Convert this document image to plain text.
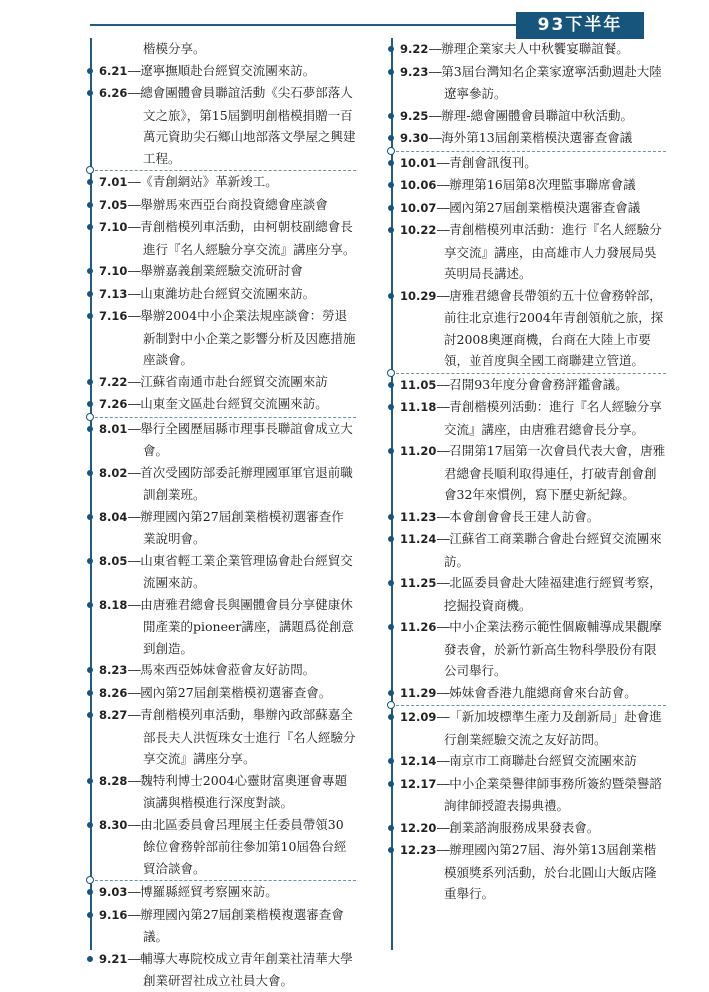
93下半年
楷模分享。
6.21----遼寧撫順赴台經貿交流團來訪。
6.26----總會團體會員聯誼活動《尖石夢部落人文之旅》，第15屆劉明創楷模捐贈一百萬元資助尖石鄉山地部落文學屋之興建工程。
7.01----《青創網站》革新竣工。
7.05----舉辦馬來西亞台商投資總會座談會
7.10----青創楷模列車活動，由柯朝枝副總會長進行『名人經驗分享交流』講座分享。
7.10----舉辦嘉義創業經驗交流研討會
7.13----山東濰坊赴台經貿交流團來訪。
7.16----舉辦2004中小企業法規座談會：勞退新制對中小企業之影響分析及因應措施座談會。
7.22----江蘇省南通市赴台經貿交流團來訪
7.26----山東奎文區赴台經貿交流團來訪。
8.01----舉行全國歷屆縣市理事長聯誼會成立大會。
8.02----首次受國防部委託辦理國軍軍官退前職訓創業班。
8.04----辦理國內第27屆創業楷模初選審查作業說明會。
8.05----山東省輕工業企業管理協會赴台經貿交流團來訪。
8.18----由唐雅君總會長與團體會員分享健康休閒產業的pioneer講座，講題爲從創意到創造。
8.23----馬來西亞姊妹會蒞會友好訪問。
8.26----國內第27屆創業楷模初選審查會。
8.27----青創楷模列車活動，舉辦內政部蘇嘉全部長夫人洪恆珠女士進行『名人經驗分享交流』講座分享。
8.28----魏特利博士2004心靈財富奧運會專題演講與楷模進行深度對談。
8.30----由北區委員會呂理展主任委員帶領30餘位會務幹部前往參加第10屆魯台經貿洽談會。
9.03----博羅縣經貿考察團來訪。
9.16----辦理國內第27屆創業楷模複選審查會議。
9.21----輔導大專院校成立青年創業社清華大學創業研習社成立社員大會。
9.22----辦理企業家夫人中秋饗宴聯誼餐。
9.23----第3屆台灣知名企業家遼寧活動週赴大陸遼寧參訪。
9.25----辦理-總會團體會員聯誼中秋活動。
9.30----海外第13屆創業楷模決選審查會議
10.01----青創會訊復刊。
10.06----辦理第16屆第8次理監事聯席會議
10.07----國內第27屆創業楷模決選審查會議
10.22----青創楷模列車活動：進行『名人經驗分享交流』講座，由高雄市人力發展局吳英明局長講述。
10.29----唐雅君總會長帶領約五十位會務幹部，前往北京進行2004年青創領航之旅，探討2008奧運商機，台商在大陸上市要領，並首度與全國工商聯建立管道。
11.05----召開93年度分會會務評鑑會議。
11.18----青創楷模列活動：進行『名人經驗分享交流』講座，由唐雅君總會長分享。
11.20----召開第17屆第一次會員代表大會，唐雅君總會長順利取得連任，打破青創會創會32年來慣例，寫下歷史新紀錄。
11.23----本會創會會長王建人訪會。
11.24----江蘇省工商業聯合會赴台經貿交流團來訪。
11.25----北區委員會赴大陸福建進行經貿考察，挖掘投資商機。
11.26----中小企業法務示範性個廠輔導成果觀摩發表會，於新竹新高生物科學股份有限公司舉行。
11.29----姊妹會香港九龍總商會來台訪會。
12.09----「新加坡標準生產力及創新局」赴會進行創業經驗交流之友好訪問。
12.14----南京市工商聯赴台經貿交流團來訪
12.17----中小企業榮譽律師事務所簽約暨榮譽諮詢律師授證表揚典禮。
12.20----創業諮詢服務成果發表會。
12.23----辦理國內第27屆、海外第13屆創業楷模頒獎系列活動，於台北圓山大飯店隆重舉行。
